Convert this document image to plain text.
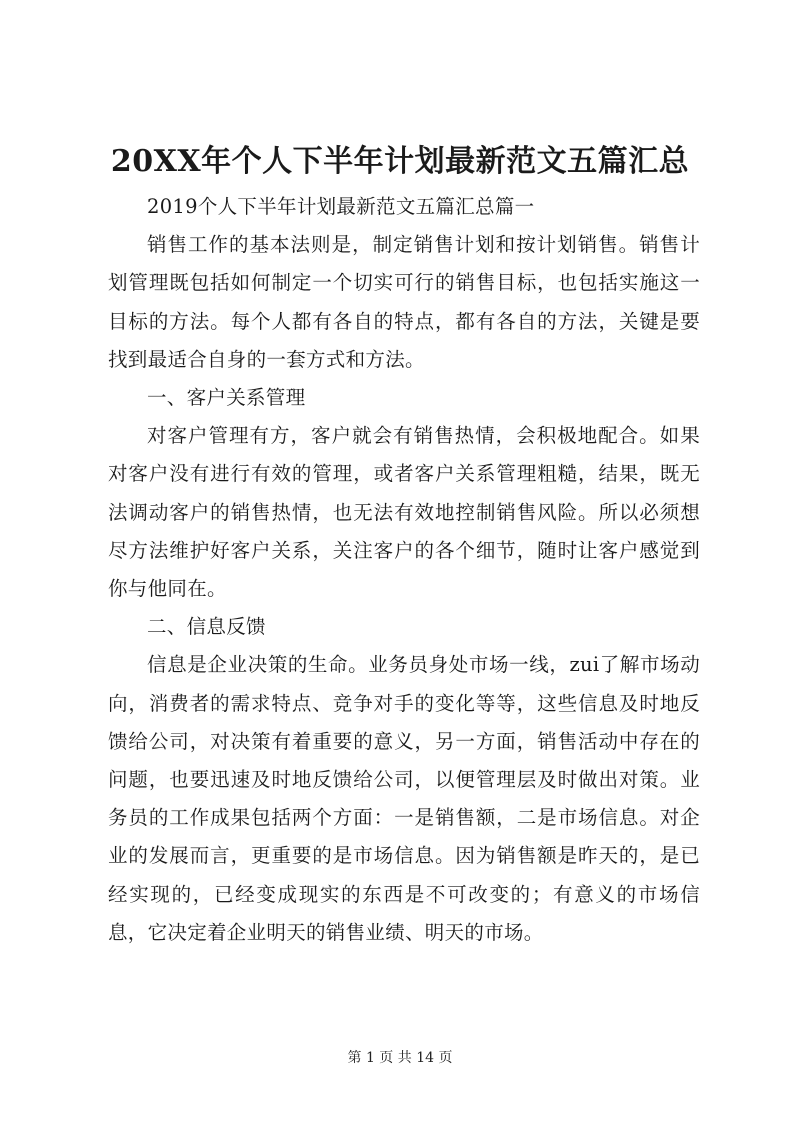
20XX年个人下半年计划最新范文五篇汇总

2019个人下半年计划最新范文五篇汇总篇一

销售工作的基本法则是，制定销售计划和按计划销售。销售计划管理既包括如何制定一个切实可行的销售目标，也包括实施这一目标的方法。每个人都有各自的特点，都有各自的方法，关键是要找到最适合自身的一套方式和方法。

一、客户关系管理

对客户管理有方，客户就会有销售热情，会积极地配合。如果对客户没有进行有效的管理，或者客户关系管理粗糙，结果，既无法调动客户的销售热情，也无法有效地控制销售风险。所以必须想尽方法维护好客户关系，关注客户的各个细节，随时让客户感觉到你与他同在。

二、信息反馈

信息是企业决策的生命。业务员身处市场一线，zui了解市场动向，消费者的需求特点、竞争对手的变化等等，这些信息及时地反馈给公司，对决策有着重要的意义，另一方面，销售活动中存在的问题，也要迅速及时地反馈给公司，以便管理层及时做出对策。业务员的工作成果包括两个方面：一是销售额，二是市场信息。对企业的发展而言，更重要的是市场信息。因为销售额是昨天的，是已经实现的，已经变成现实的东西是不可改变的；有意义的市场信息，它决定着企业明天的销售业绩、明天的市场。

第 1 页 共 14 页
